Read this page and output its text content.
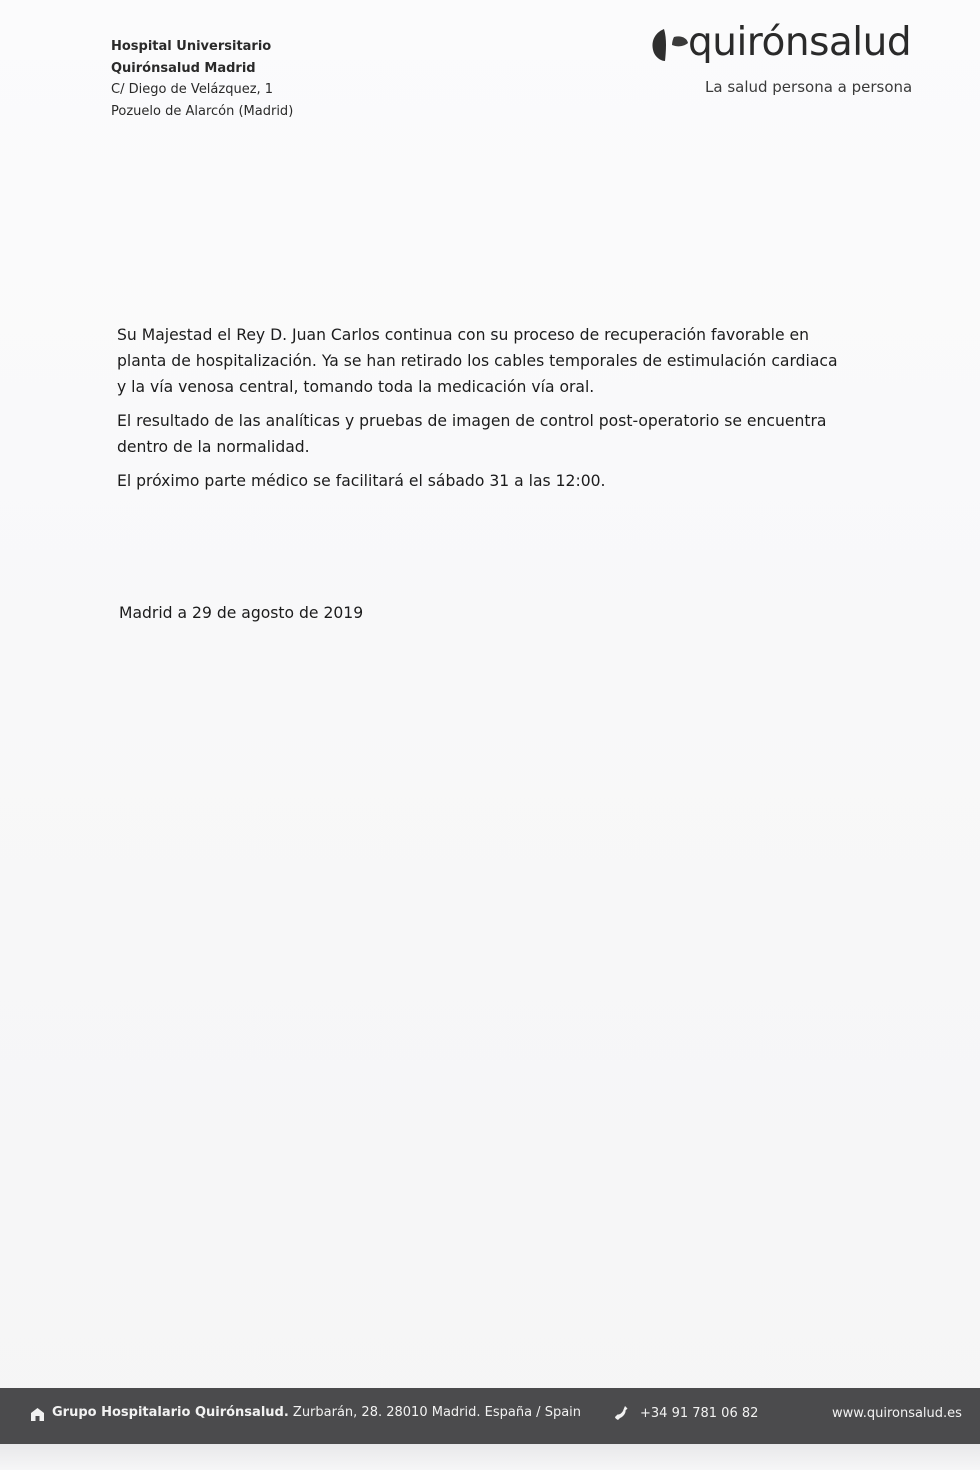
Hospital Universitario
Quirónsalud Madrid
C/ Diego de Velázquez, 1
Pozuelo de Alarcón (Madrid)
quirónsalud
La salud persona a persona

Su Majestad el Rey D. Juan Carlos continua con su proceso de recuperación favorable en
planta de hospitalización. Ya se han retirado los cables temporales de estimulación cardiaca
y la vía venosa central, tomando toda la medicación vía oral.

El resultado de las analíticas y pruebas de imagen de control post-operatorio se encuentra
dentro de la normalidad.

El próximo parte médico se facilitará el sábado 31 a las 12:00.

Madrid a 29 de agosto de 2019
Grupo Hospitalario Quirónsalud. Zurbarán, 28. 28010 Madrid. España / Spain	+34 91 781 06 82	www.quironsalud.es
